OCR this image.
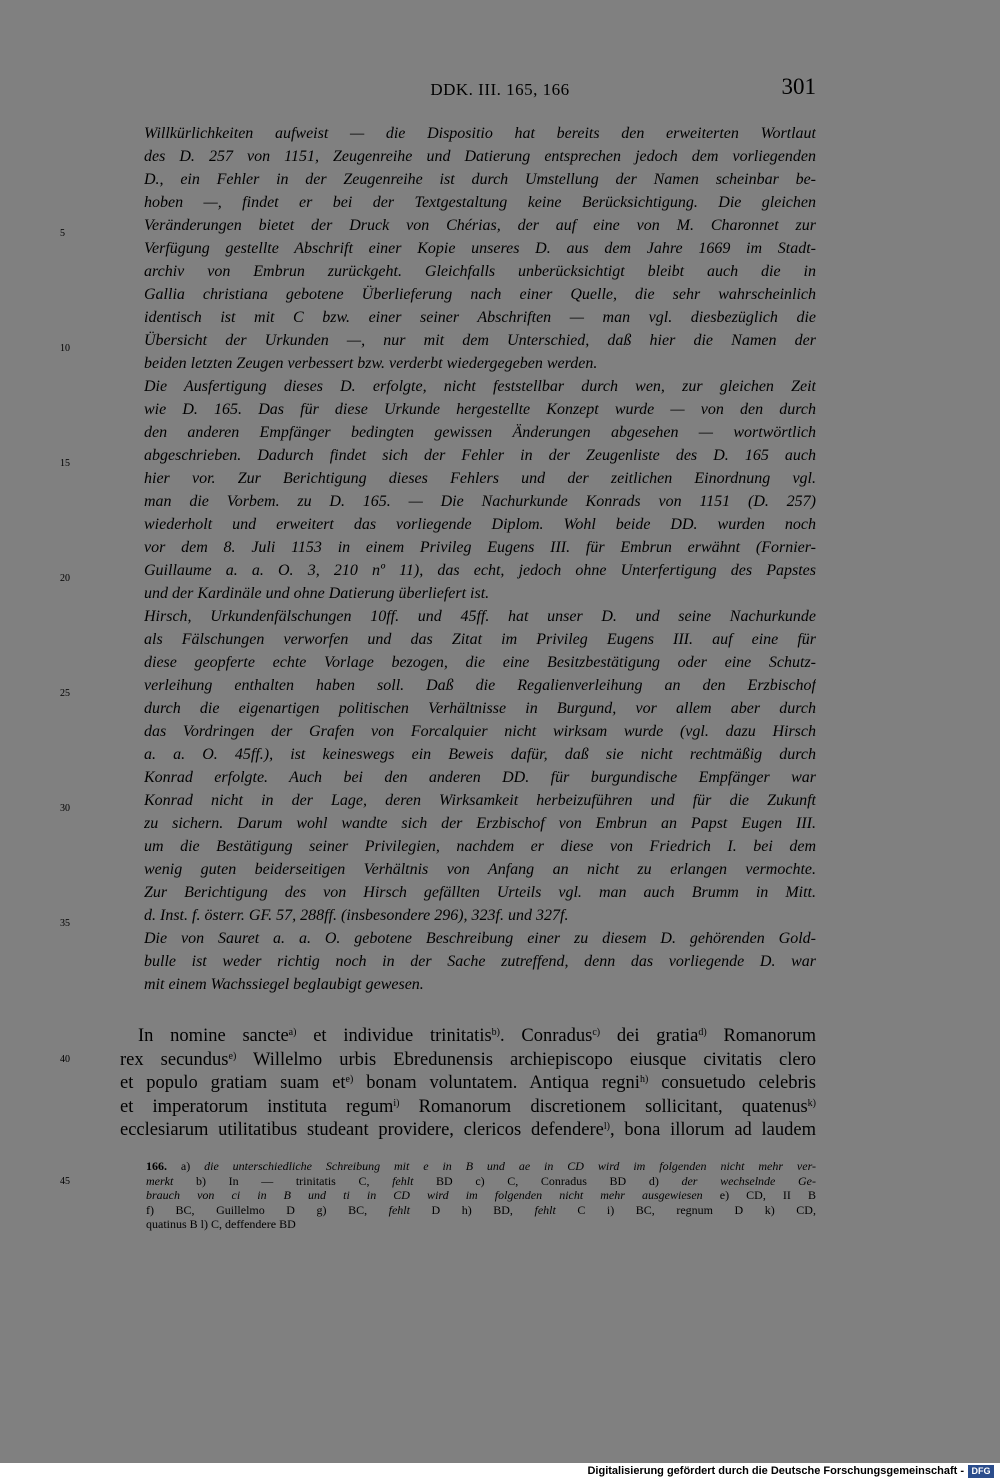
DDK. III. 165, 166	301
5
10
15
20
25
30
35
40
45
Willkürlichkeiten aufweist — die Dispositio hat bereits den erweiterten Wortlaut
des D. 257 von 1151, Zeugenreihe und Datierung entsprechen jedoch dem vorliegenden
D., ein Fehler in der Zeugenreihe ist durch Umstellung der Namen scheinbar be-
hoben —, findet er bei der Textgestaltung keine Berücksichtigung. Die gleichen
Veränderungen bietet der Druck von Chérias, der auf eine von M. Charonnet zur
Verfügung gestellte Abschrift einer Kopie unseres D. aus dem Jahre 1669 im Stadt-
archiv von Embrun zurückgeht. Gleichfalls unberücksichtigt bleibt auch die in
Gallia christiana gebotene Überlieferung nach einer Quelle, die sehr wahrscheinlich
identisch ist mit C bzw. einer seiner Abschriften — man vgl. diesbezüglich die
Übersicht der Urkunden —, nur mit dem Unterschied, daß hier die Namen der
beiden letzten Zeugen verbessert bzw. verderbt wiedergegeben werden.
Die Ausfertigung dieses D. erfolgte, nicht feststellbar durch wen, zur gleichen Zeit
wie D. 165. Das für diese Urkunde hergestellte Konzept wurde — von den durch
den anderen Empfänger bedingten gewissen Änderungen abgesehen — wortwörtlich
abgeschrieben. Dadurch findet sich der Fehler in der Zeugenliste des D. 165 auch
hier vor. Zur Berichtigung dieses Fehlers und der zeitlichen Einordnung vgl.
man die Vorbem. zu D. 165. — Die Nachurkunde Konrads von 1151 (D. 257)
wiederholt und erweitert das vorliegende Diplom. Wohl beide DD. wurden noch
vor dem 8. Juli 1153 in einem Privileg Eugens III. für Embrun erwähnt (Fornier-
Guillaume a. a. O. 3, 210 nº 11), das echt, jedoch ohne Unterfertigung des Papstes
und der Kardinäle und ohne Datierung überliefert ist.
Hirsch, Urkundenfälschungen 10ff. und 45ff. hat unser D. und seine Nachurkunde
als Fälschungen verworfen und das Zitat im Privileg Eugens III. auf eine für
diese geopferte echte Vorlage bezogen, die eine Besitzbestätigung oder eine Schutz-
verleihung enthalten haben soll. Daß die Regalienverleihung an den Erzbischof
durch die eigenartigen politischen Verhältnisse in Burgund, vor allem aber durch
das Vordringen der Grafen von Forcalquier nicht wirksam wurde (vgl. dazu Hirsch
a. a. O. 45ff.), ist keineswegs ein Beweis dafür, daß sie nicht rechtmäßig durch
Konrad erfolgte. Auch bei den anderen DD. für burgundische Empfänger war
Konrad nicht in der Lage, deren Wirksamkeit herbeizuführen und für die Zukunft
zu sichern. Darum wohl wandte sich der Erzbischof von Embrun an Papst Eugen III.
um die Bestätigung seiner Privilegien, nachdem er diese von Friedrich I. bei dem
wenig guten beiderseitigen Verhältnis von Anfang an nicht zu erlangen vermochte.
Zur Berichtigung des von Hirsch gefällten Urteils vgl. man auch Brumm in Mitt.
d. Inst. f. österr. GF. 57, 288ff. (insbesondere 296), 323f. und 327f.
Die von Sauret a. a. O. gebotene Beschreibung einer zu diesem D. gehörenden Gold-
bulle ist weder richtig noch in der Sache zutreffend, denn das vorliegende D. war
mit einem Wachssiegel beglaubigt gewesen.
In nomine sancte$^{a)}$ et individue trinitatis$^{b)}$. Conradus$^{c)}$ dei gratia$^{d)}$ Romanorum
rex secundus$^{e)}$ Willelmo urbis Ebredunensis archiepiscopo eiusque civitatis clero
et populo gratiam suam $et^{e)}$ bonam voluntatem. Antiqua regni$^{h)}$ consuetudo celebris
et imperatorum instituta regum$^{i)}$ Romanorum discretionem sollicitant, quatenus$^{k)}$
ecclesiarum utilitatibus studeant providere, clericos defendere$^{l)}$, bona illorum ad laudem
166. a) die unterschiedliche Schreibung mit e in B und ae in CD wird im folgenden nicht mehr ver-
merkt b) In — trinitatis C, fehlt BD c) C, Conradus BD d) der wechselnde Ge-
brauch von ci in B und ti in CD wird im folgenden nicht mehr ausgewiesen e) CD, II B
f) BC, Guillelmo D g) BC, fehlt D h) BD, fehlt C i) BC, regnum D k) CD,
quatinus B l) C, deffendere BD
Digitalisierung gefördert durch die Deutsche Forschungsgemeinschaft - DFG
